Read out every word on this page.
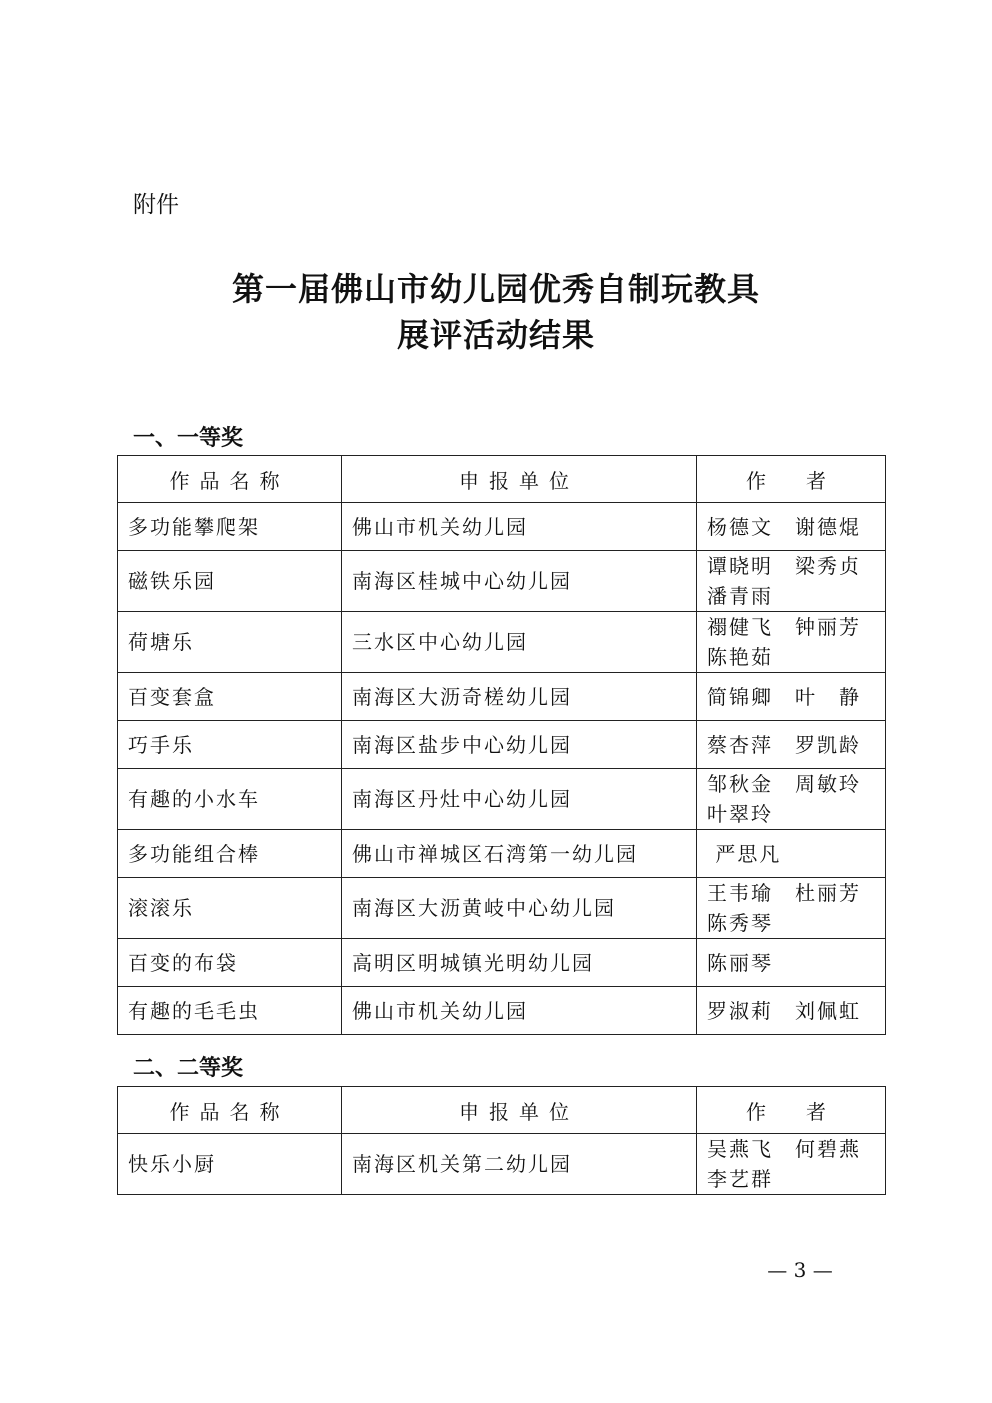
附件
第一届佛山市幼儿园优秀自制玩教具
展评活动结果
一、一等奖
作品名称	申报单位	作　者
多功能攀爬架	佛山市机关幼儿园	杨德文　谢德焜

磁铁乐园	南海区桂城中心幼儿园	谭晓明　梁秀贞
潘青雨

荷塘乐	三水区中心幼儿园	禤健飞　钟丽芳
陈艳茹

百变套盒	南海区大沥奇槎幼儿园	简锦卿　叶　静

巧手乐	南海区盐步中心幼儿园	蔡杏萍　罗凯龄

有趣的小水车	南海区丹灶中心幼儿园	邹秋金　周敏玲
叶翠玲

多功能组合棒	佛山市禅城区石湾第一幼儿园	严思凡

滚滚乐	南海区大沥黄岐中心幼儿园	王韦瑜　杜丽芳
陈秀琴

百变的布袋	高明区明城镇光明幼儿园	陈丽琴

有趣的毛毛虫	佛山市机关幼儿园	罗淑莉　刘佩虹
二、二等奖
作品名称	申报单位	作　者
快乐小厨	南海区机关第二幼儿园	吴燕飞　何碧燕
李艺群
— 3 —
